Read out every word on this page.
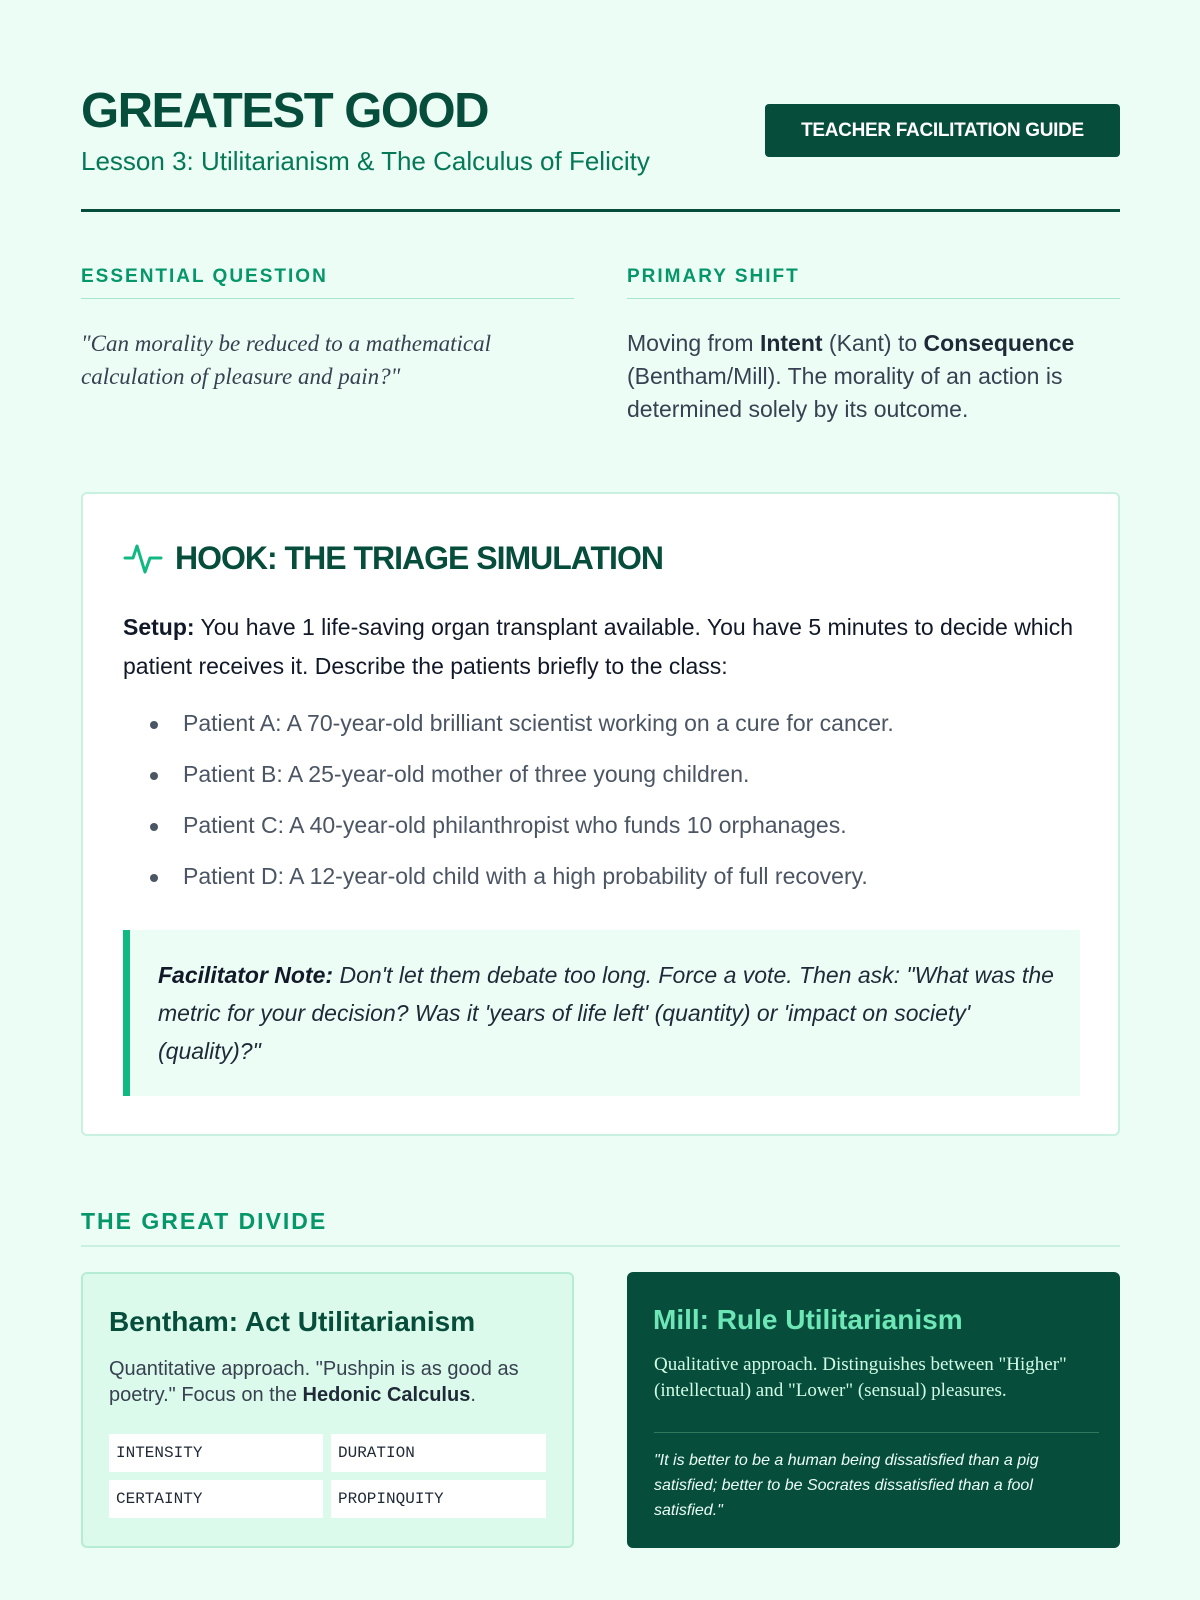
GREATEST GOOD
Lesson 3: Utilitarianism & The Calculus of Felicity
TEACHER FACILITATION GUIDE
ESSENTIAL QUESTION

"Can morality be reduced to a mathematical calculation of pleasure and pain?"

PRIMARY SHIFT

Moving from Intent (Kant) to Consequence (Bentham/Mill). The morality of an action is determined solely by its outcome.

HOOK: THE TRIAGE SIMULATION

Setup: You have 1 life-saving organ transplant available. You have 5 minutes to decide which patient receives it. Describe the patients briefly to the class:

Patient A: A 70-year-old brilliant scientist working on a cure for cancer.
Patient B: A 25-year-old mother of three young children.
Patient C: A 40-year-old philanthropist who funds 10 orphanages.
Patient D: A 12-year-old child with a high probability of full recovery.
Facilitator Note: Don't let them debate too long. Force a vote. Then ask: "What was the metric for your decision? Was it 'years of life left' (quantity) or 'impact on society' (quality)?"
THE GREAT DIVIDE
Bentham: Act Utilitarianism

Quantitative approach. "Pushpin is as good as poetry." Focus on the Hedonic Calculus.

INTENSITY	DURATION
CERTAINTY	PROPINQUITY
Mill: Rule Utilitarianism

Qualitative approach. Distinguishes between "Higher" (intellectual) and "Lower" (sensual) pleasures.

"It is better to be a human being dissatisfied than a pig satisfied; better to be Socrates dissatisfied than a fool satisfied."
